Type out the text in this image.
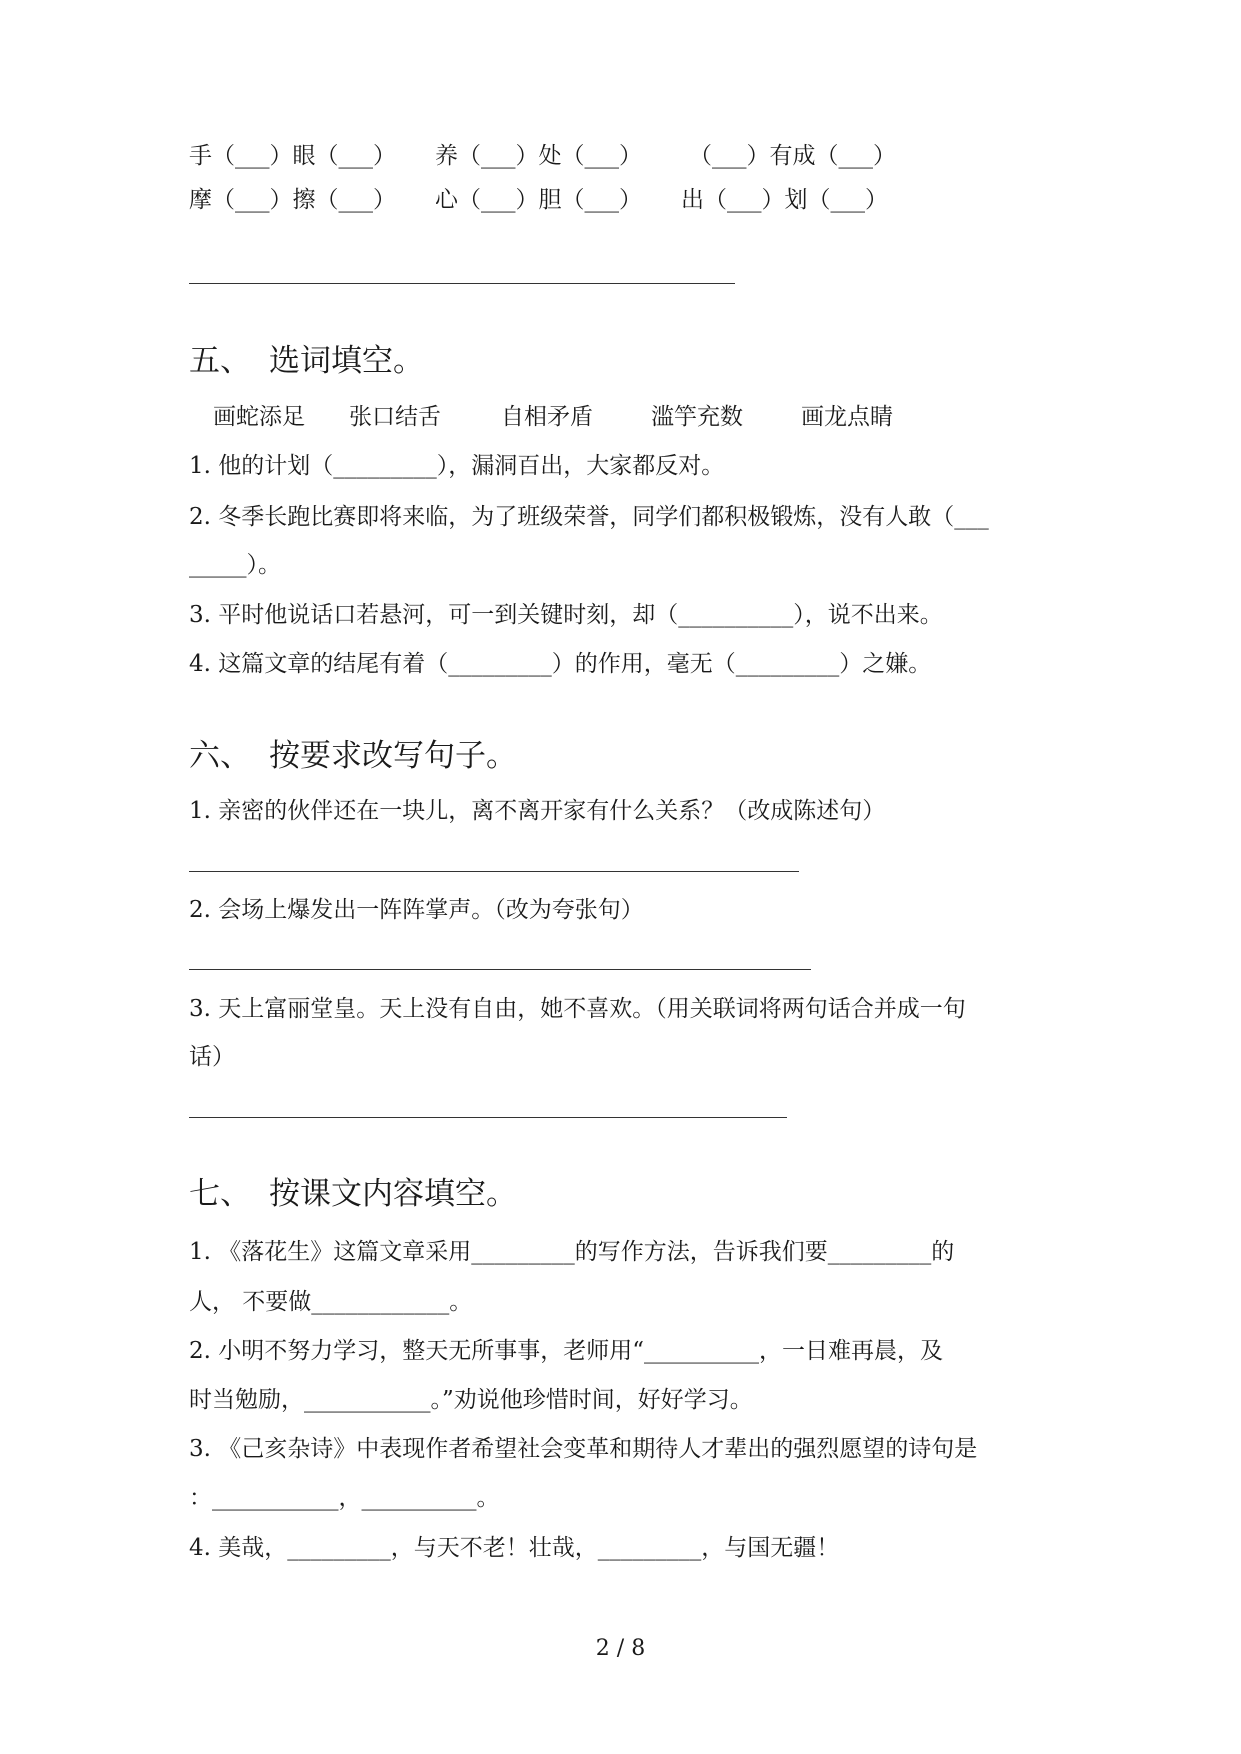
手（___）眼（___） 养（___）处（___） （___）有成（___）
摩（___）擦（___） 心（___）胆（___） 出（___）划（___）
五、 选词填空。
画蛇添足 张口结舌	自相矛盾	滥竽充数	画龙点睛
1. 他的计划（_________），漏洞百出，大家都反对。
2. 冬季长跑比赛即将来临，为了班级荣誉，同学们都积极锻炼，没有人敢（___
_____）。
3. 平时他说话口若悬河，可一到关键时刻，却（__________），说不出来。
4. 这篇文章的结尾有着（_________）的作用，毫无（_________）之嫌。
六、 按要求改写句子。
1. 亲密的伙伴还在一块儿，离不离开家有什么关系？（改成陈述句）
2. 会场上爆发出一阵阵掌声。（改为夸张句）
3. 天上富丽堂皇。天上没有自由，她不喜欢。（用关联词将两句话合并成一句
话）
七、 按课文内容填空。
1. 《落花生》这篇文章采用_________的写作方法，告诉我们要_________的
人， 不要做____________。
2. 小明不努力学习，整天无所事事，老师用“__________，一日难再晨，及
时当勉励，___________。”劝说他珍惜时间，好好学习。
3. 《己亥杂诗》中表现作者希望社会变革和期待人才辈出的强烈愿望的诗句是
：___________，__________。
4. 美哉，_________，与天不老！壮哉，_________，与国无疆！
2 / 8
